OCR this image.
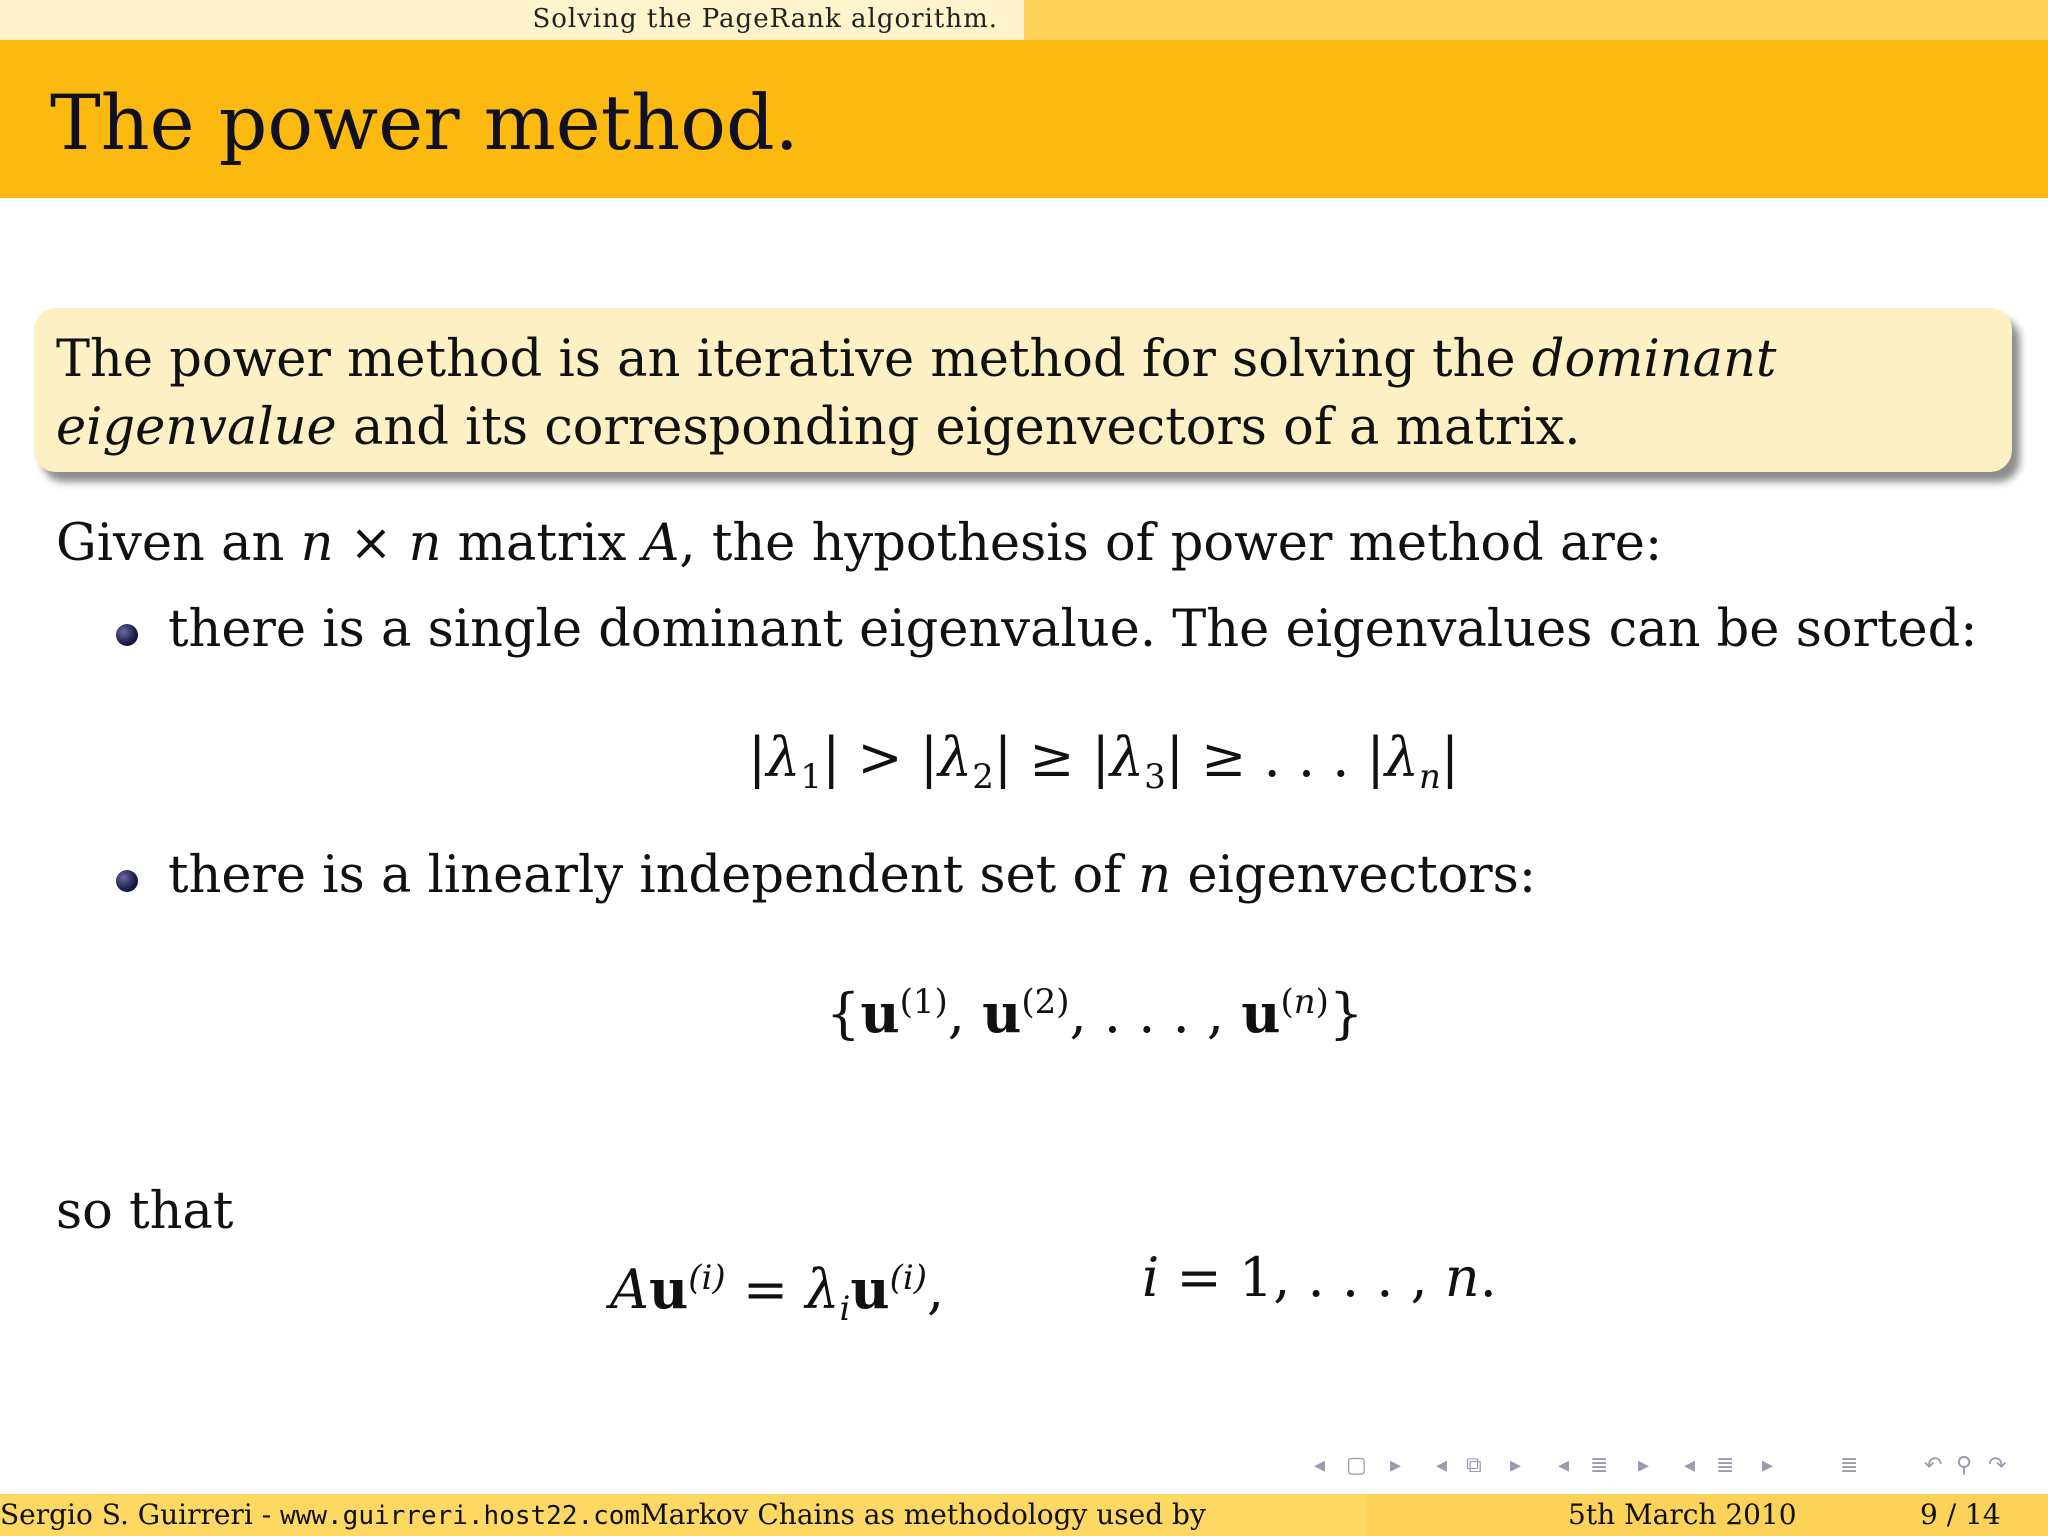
Solving the PageRank algorithm.
The power method.

The power method is an iterative method for solving the dominant eigenvalue and its corresponding eigenvectors of a matrix.

Given an n × n matrix A, the hypothesis of power method are:
there is a single dominant eigenvalue. The eigenvalues can be sorted:
$|\lambda_1| > |\lambda_2| \ge |\lambda_3|$ ≥ . . . $|\lambda_n|$
there is a linearly independent set of n eigenvectors:
{$u^{(1)}$, $u^{(2)}$, . . . , $u^{(n)}$}
so that
$Au^{(i)} = \lambda_iu^{(i)}$,	i = 1, . . . , n.
◂ ▢ ▸ ◂ ⧉ ▸ ◂ ≣ ▸ ◂ ≣ ▸	≣	↶ ⚲ ↷
Sergio S. Guirreri - www.guirreri.host22.comMarkov Chains as methodology used by	5th March 2010	9 / 14
